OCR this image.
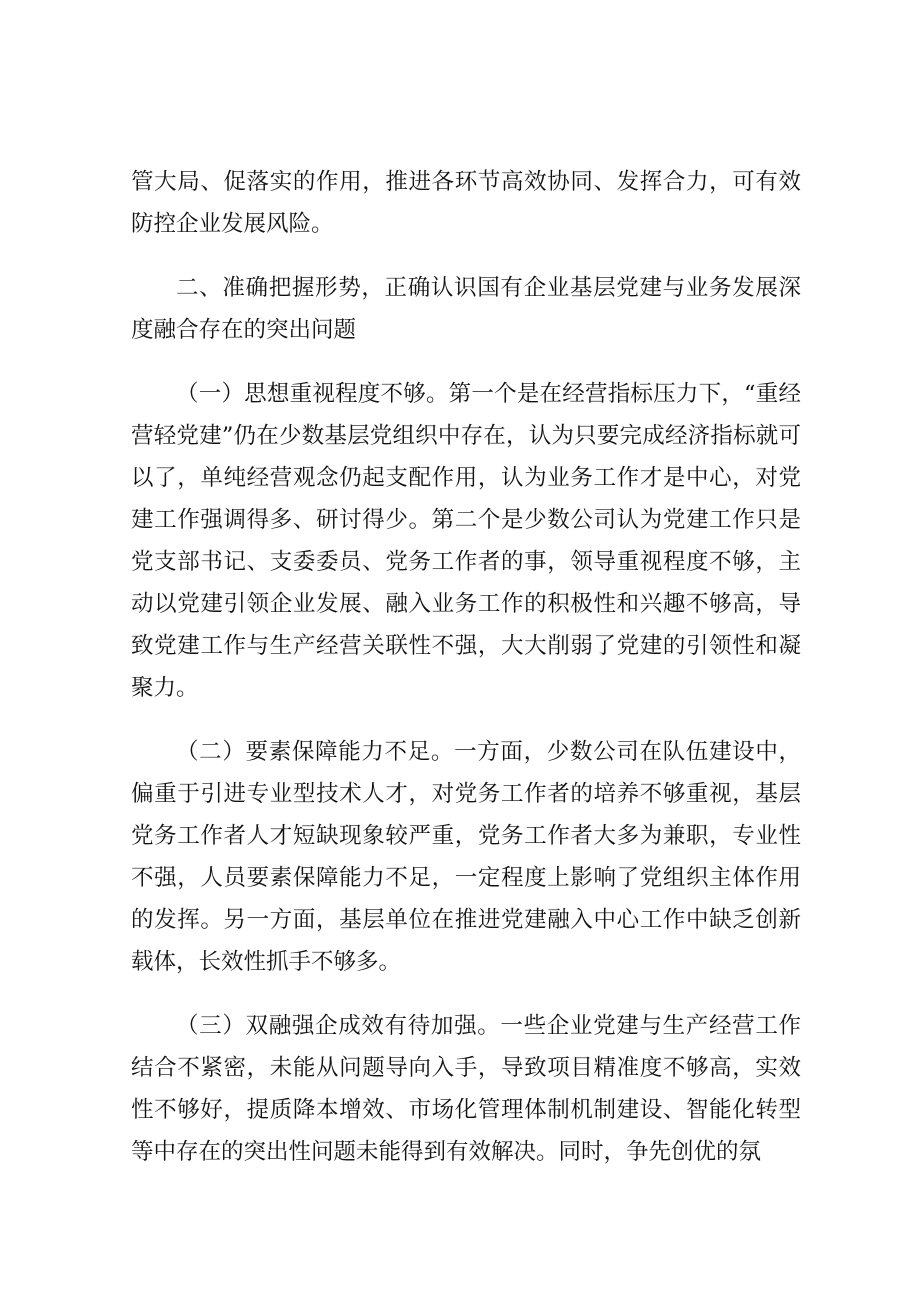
管大局、促落实的作用，推进各环节高效协同、发挥合力，可有效防控企业发展风险。

二、准确把握形势，正确认识国有企业基层党建与业务发展深度融合存在的突出问题

（一）思想重视程度不够。第一个是在经营指标压力下，“重经营轻党建”仍在少数基层党组织中存在，认为只要完成经济指标就可以了，单纯经营观念仍起支配作用，认为业务工作才是中心，对党建工作强调得多、研讨得少。第二个是少数公司认为党建工作只是党支部书记、支委委员、党务工作者的事，领导重视程度不够，主动以党建引领企业发展、融入业务工作的积极性和兴趣不够高，导致党建工作与生产经营关联性不强，大大削弱了党建的引领性和凝聚力。

（二）要素保障能力不足。一方面，少数公司在队伍建设中，偏重于引进专业型技术人才，对党务工作者的培养不够重视，基层党务工作者人才短缺现象较严重，党务工作者大多为兼职，专业性不强，人员要素保障能力不足，一定程度上影响了党组织主体作用的发挥。另一方面，基层单位在推进党建融入中心工作中缺乏创新载体，长效性抓手不够多。

（三）双融强企成效有待加强。一些企业党建与生产经营工作结合不紧密，未能从问题导向入手，导致项目精准度不够高，实效性不够好，提质降本增效、市场化管理体制机制建设、智能化转型等中存在的突出性问题未能得到有效解决。同时，争先创优的氛
